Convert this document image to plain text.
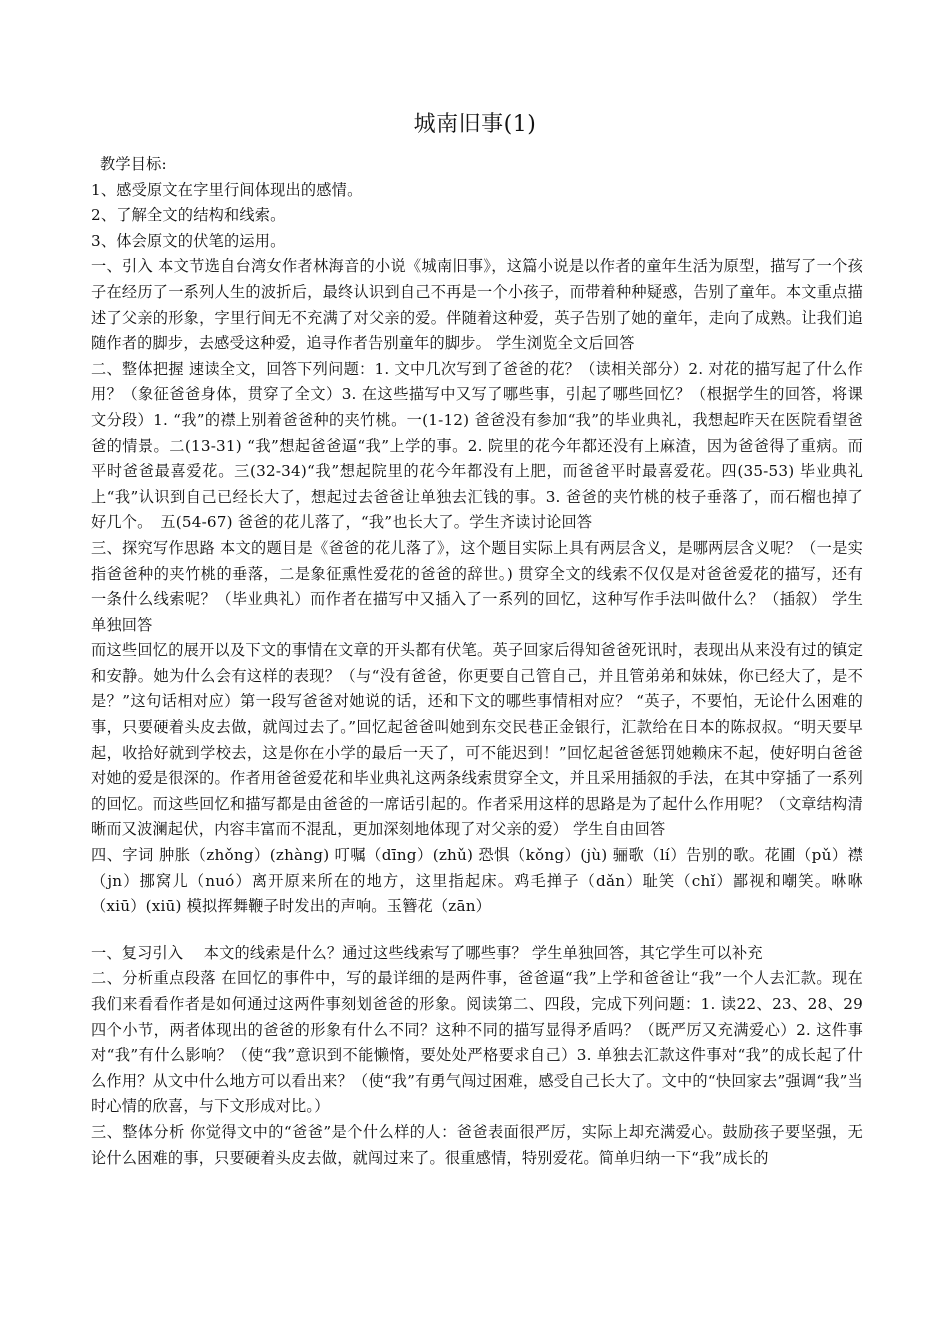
城南旧事(1)

教学目标:

1、感受原文在字里行间体现出的感情。

2、了解全文的结构和线索。

3、体会原文的伏笔的运用。

一、引入 本文节选自台湾女作者林海音的小说《城南旧事》，这篇小说是以作者的童年生活为原型，描写了一个孩子在经历了一系列人生的波折后，最终认识到自己不再是一个小孩子，而带着种种疑惑，告别了童年。本文重点描述了父亲的形象，字里行间无不充满了对父亲的爱。伴随着这种爱，英子告别了她的童年，走向了成熟。让我们追随作者的脚步，去感受这种爱，追寻作者告别童年的脚步。 学生浏览全文后回答

二、整体把握 速读全文，回答下列问题：1. 文中几次写到了爸爸的花？（读相关部分）2. 对花的描写起了什么作用？（象征爸爸身体，贯穿了全文）3. 在这些描写中又写了哪些事，引起了哪些回忆？（根据学生的回答，将课文分段）1. “我”的襟上别着爸爸种的夹竹桃。一(1-12) 爸爸没有参加“我”的毕业典礼，我想起昨天在医院看望爸爸的情景。二(13-31) “我”想起爸爸逼“我”上学的事。2. 院里的花今年都还没有上麻渣，因为爸爸得了重病。而平时爸爸最喜爱花。三(32-34)“我”想起院里的花今年都没有上肥，而爸爸平时最喜爱花。四(35-53) 毕业典礼上“我”认识到自己已经长大了，想起过去爸爸让单独去汇钱的事。3. 爸爸的夹竹桃的枝子垂落了，而石榴也掉了好几个。　五(54-67) 爸爸的花儿落了，“我”也长大了。学生齐读讨论回答

三、探究写作思路 本文的题目是《爸爸的花儿落了》，这个题目实际上具有两层含义，是哪两层含义呢？（一是实指爸爸种的夹竹桃的垂落，二是象征熏性爱花的爸爸的辞世。) 贯穿全文的线索不仅仅是对爸爸爱花的描写，还有一条什么线索呢？（毕业典礼）而作者在描写中又插入了一系列的回忆，这种写作手法叫做什么？（插叙） 学生单独回答

而这些回忆的展开以及下文的事情在文章的开头都有伏笔。英子回家后得知爸爸死讯时，表现出从来没有过的镇定和安静。她为什么会有这样的表现？（与“没有爸爸，你更要自己管自己，并且管弟弟和妹妹，你已经大了，是不是？”这句话相对应）第一段写爸爸对她说的话，还和下文的哪些事情相对应？ “英子，不要怕，无论什么困难的事，只要硬着头皮去做，就闯过去了。”回忆起爸爸叫她到东交民巷正金银行，汇款给在日本的陈叔叔。“明天要早起，收拾好就到学校去，这是你在小学的最后一天了，可不能迟到！”回忆起爸爸惩罚她赖床不起，使好明白爸爸对她的爱是很深的。作者用爸爸爱花和毕业典礼这两条线索贯穿全文，并且采用插叙的手法，在其中穿插了一系列的回忆。而这些回忆和描写都是由爸爸的一席话引起的。作者采用这样的思路是为了起什么作用呢？（文章结构清晰而又波澜起伏，内容丰富而不混乱，更加深刻地体现了对父亲的爱） 学生自由回答

四、字词 肿胀（zhǒng）(zhàng) 叮嘱（dīng）(zhǔ) 恐惧（kǒng）(jù) 骊歌（lí）告别的歌。花圃（pǔ）襟（jn）挪窝儿（nuó）离开原来所在的地方，这里指起床。鸡毛掸子（dǎn）耻笑（chǐ）鄙视和嘲笑。咻咻（xiū）(xiū) 模拟挥舞鞭子时发出的声响。玉簪花（zān）

一、复习引入　 本文的线索是什么？通过这些线索写了哪些事？ 学生单独回答，其它学生可以补充

二、分析重点段落 在回忆的事件中，写的最详细的是两件事，爸爸逼“我”上学和爸爸让“我”一个人去汇款。现在我们来看看作者是如何通过这两件事刻划爸爸的形象。阅读第二、四段，完成下列问题：1. 读22、23、28、29 四个小节，两者体现出的爸爸的形象有什么不同？这种不同的描写显得矛盾吗？（既严厉又充满爱心）2. 这件事对“我”有什么影响？（使“我”意识到不能懒惰，要处处严格要求自己）3. 单独去汇款这件事对“我”的成长起了什么作用？从文中什么地方可以看出来？（使“我”有勇气闯过困难，感受自己长大了。文中的“快回家去”强调“我”当时心情的欣喜，与下文形成对比。）

三、整体分析 你觉得文中的“爸爸”是个什么样的人：爸爸表面很严厉，实际上却充满爱心。鼓励孩子要坚强，无论什么困难的事，只要硬着头皮去做，就闯过来了。很重感情，特别爱花。简单归纳一下“我”成长的
